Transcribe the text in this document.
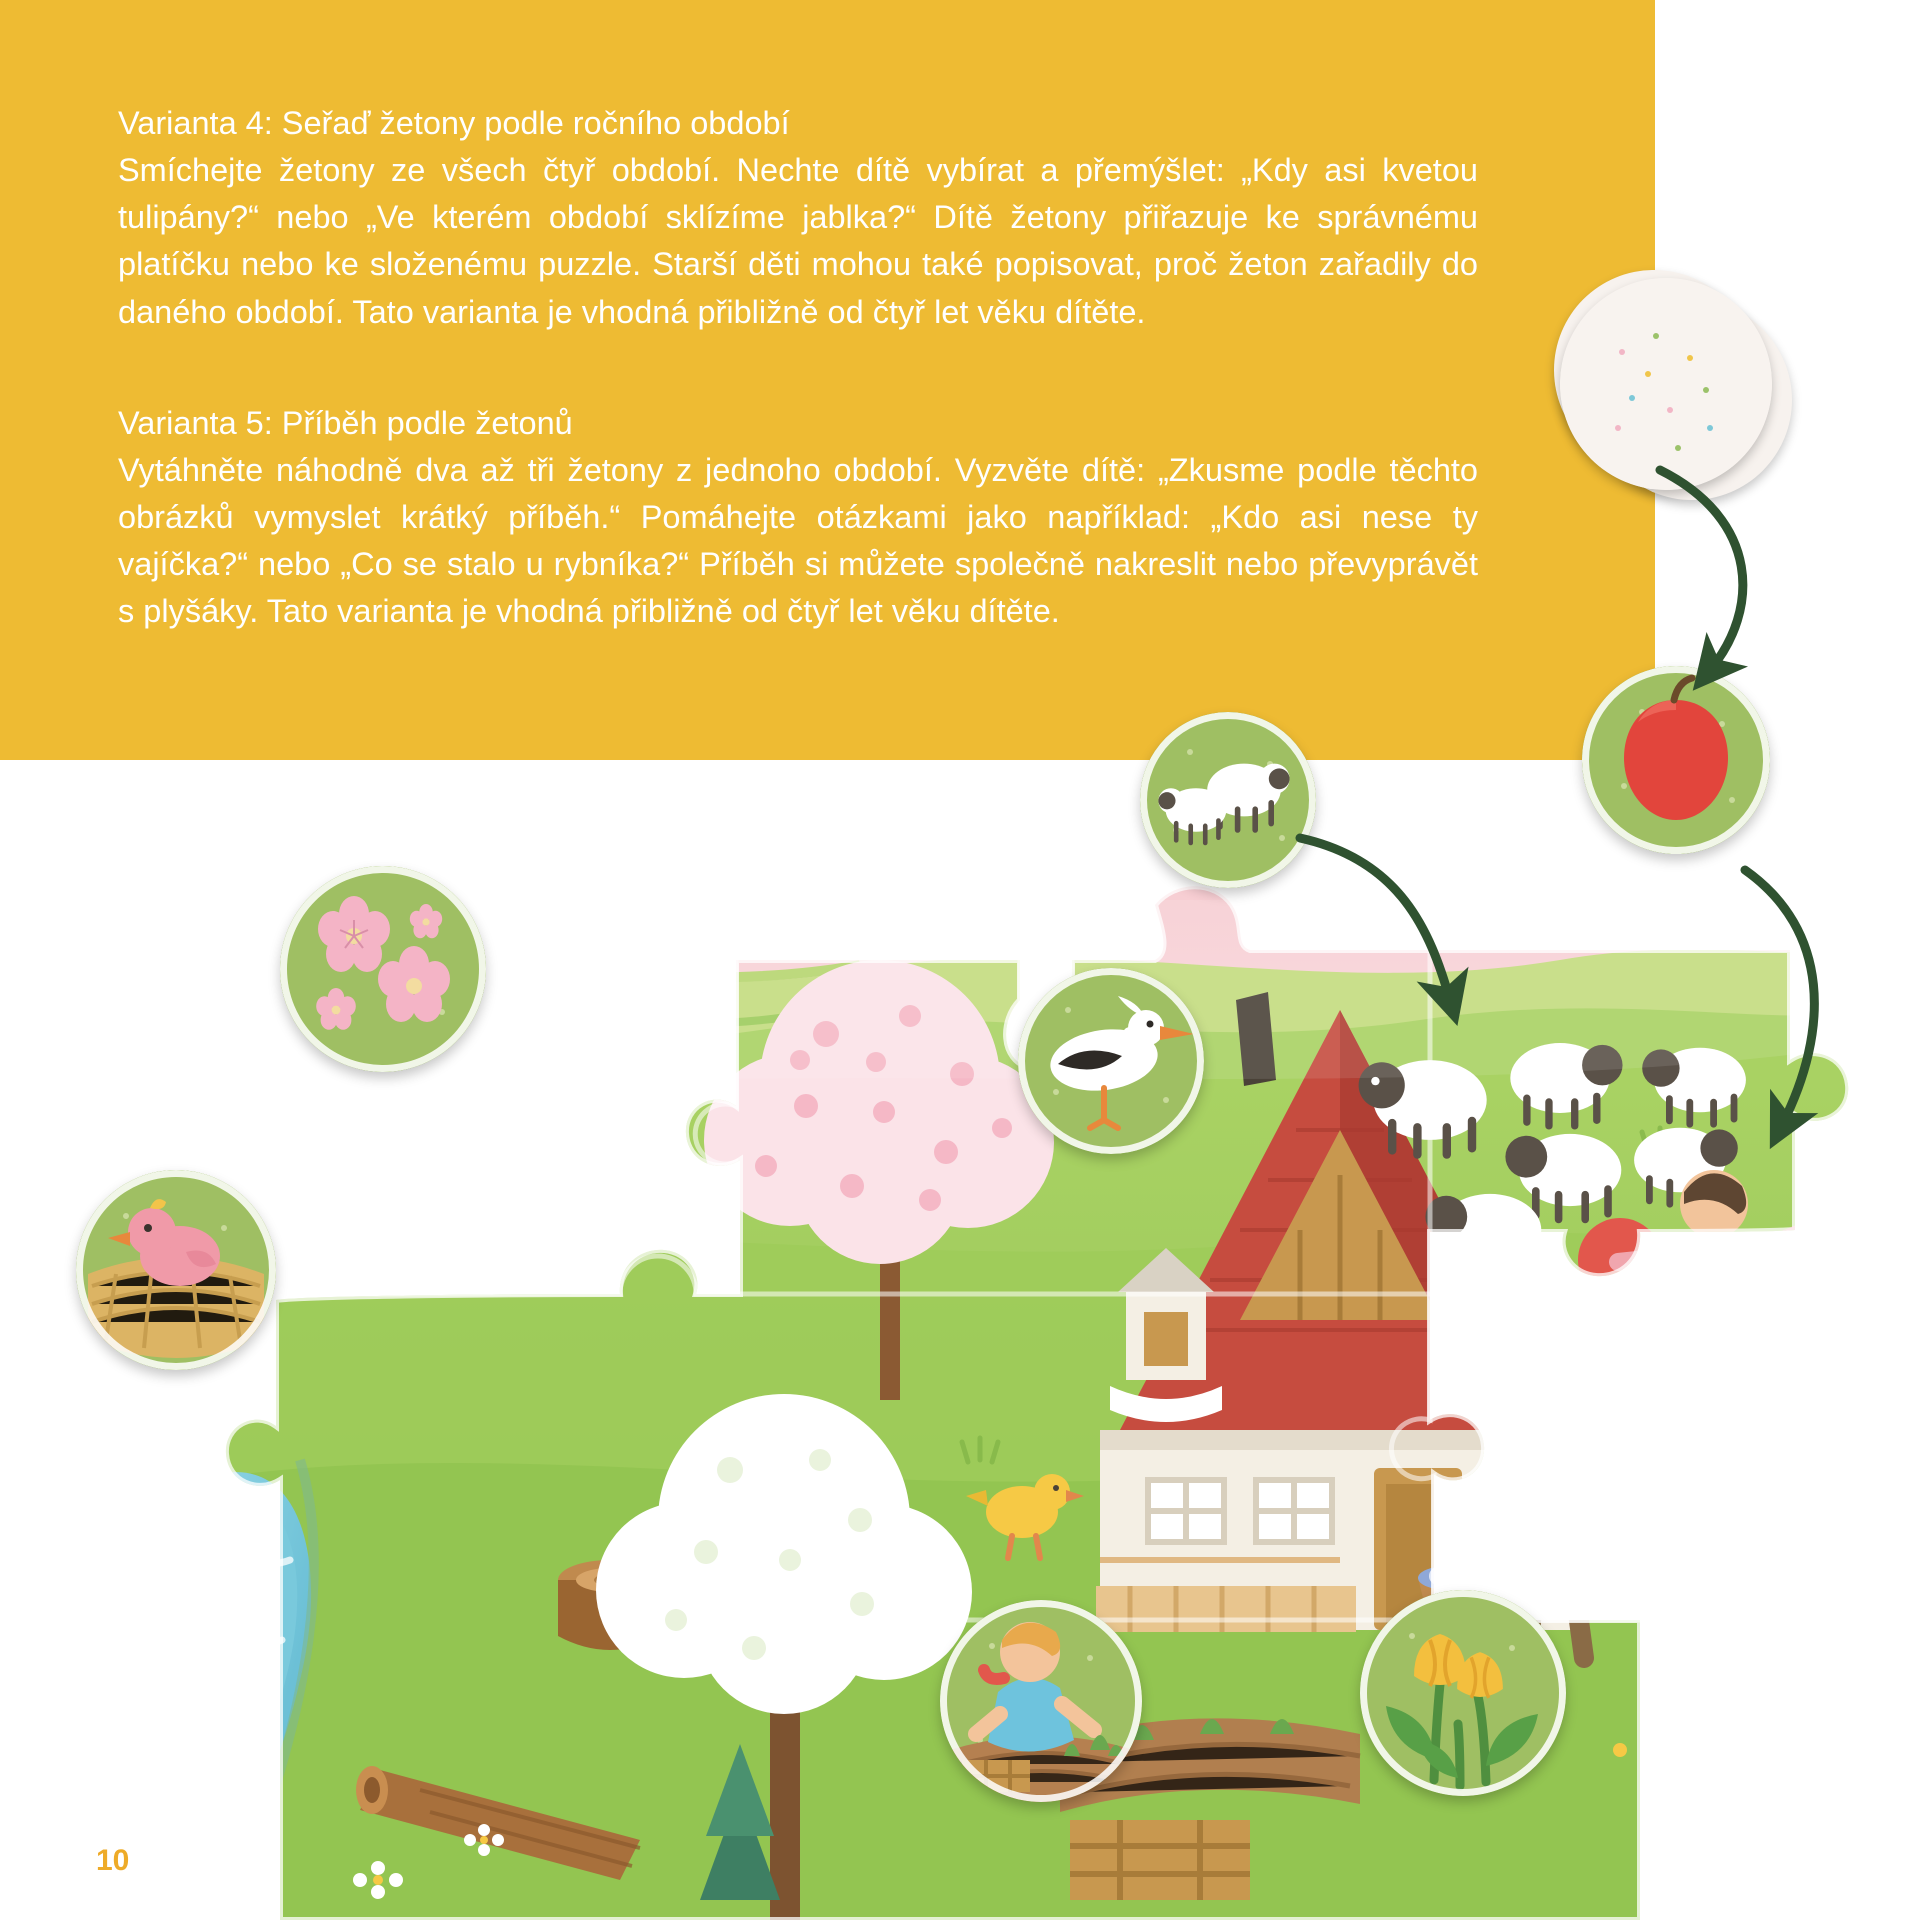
Varianta 4: Seřaď žetony podle ročního období
Smíchejte žetony ze všech čtyř období. Nechte dítě vybírat a přemýšlet: „Kdy asi kvetou tulipány?“ nebo „Ve kterém období sklízíme jablka?“ Dítě žetony přiřazuje ke správnému platíčku nebo ke složenému puzzle. Starší děti mohou také popisovat, proč žeton zařadily do daného období. Tato varianta je vhodná přibližně od čtyř let věku dítěte.
Varianta 5: Příběh podle žetonů
Vytáhněte náhodně dva až tři žetony z jednoho období. Vyzvěte dítě: „Zkusme podle těchto obrázků vymyslet krátký příběh.“ Pomáhejte otázkami jako například: „Kdo asi nese ty vajíčka?“ nebo „Co se stalo u rybníka?“ Příběh si můžete společně nakreslit nebo převyprávět s plyšáky. Tato varianta je vhodná přibližně od čtyř let věku dítěte.
10
